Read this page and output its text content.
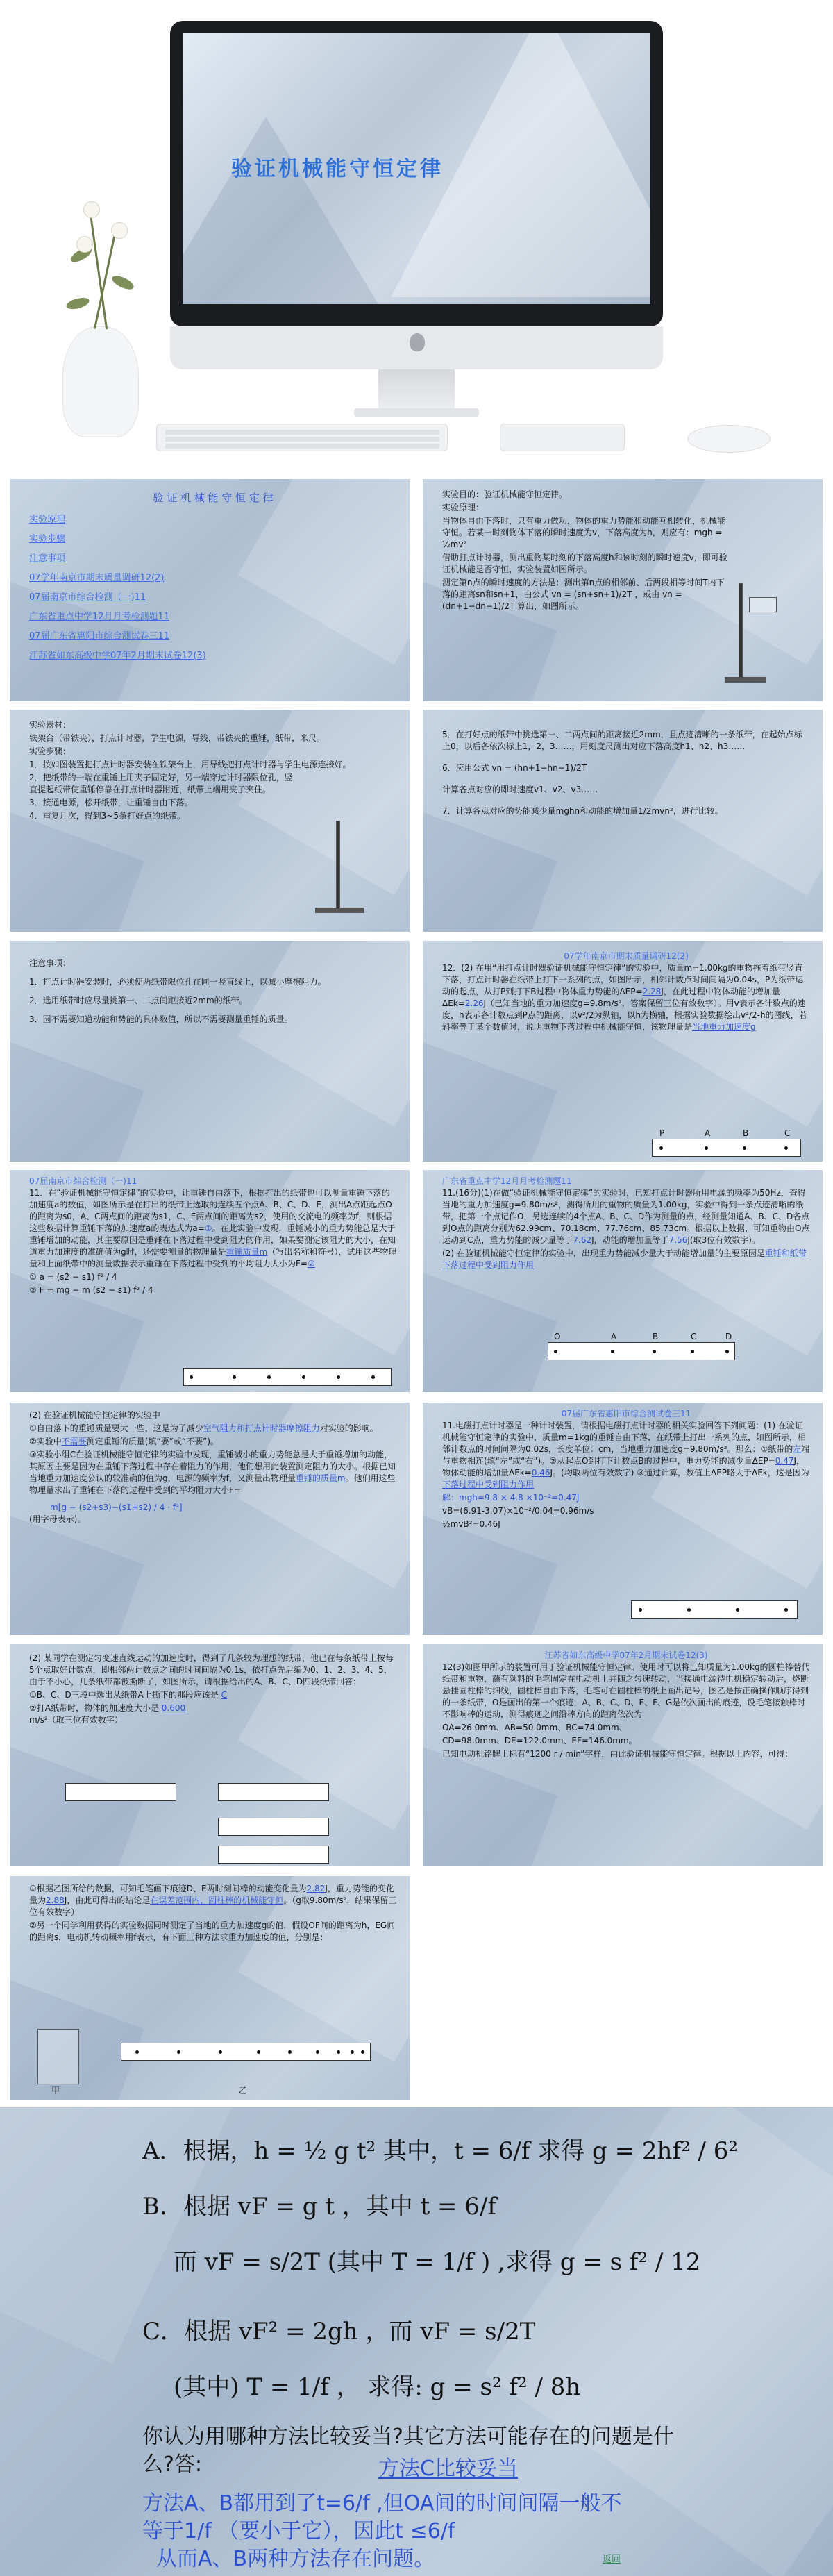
验证机械能守恒定律
验 证 机 械 能 守 恒 定 律
实验原理
实验步骤
注意事项
07学年南京市期末质量调研12(2)
07届南京市综合检测（一)11
广东省重点中学12月月考检测题11
07届广东省惠阳市综合测试卷三11
江苏省如东高级中学07年2月期末试卷12(3)

实验目的：验证机械能守恒定律。

实验原理：

当物体自由下落时，只有重力做功，物体的重力势能和动能互相转化，机械能守恒。若某一时刻物体下落的瞬时速度为v，下落高度为h，则应有：mgh = ½mv²

借助打点计时器，测出重物某时刻的下落高度h和该时刻的瞬时速度v，即可验证机械能是否守恒，实验装置如图所示。

测定第n点的瞬时速度的方法是：测出第n点的相邻前、后两段相等时间T内下落的距离sn和sn+1，由公式 vn = (sn+sn+1)/2T ，或由 vn = (dn+1−dn−1)/2T 算出，如图所示。

实验器材：

铁架台（带铁夹），打点计时器，学生电源，导线，带铁夹的重锤，纸带，米尺。

实验步骤：

1．按如图装置把打点计时器安装在铁架台上，用导线把打点计时器与学生电源连接好。

2．把纸带的一端在重锤上用夹子固定好，另一端穿过计时器限位孔，竖直提起纸带使重锤停靠在打点计时器附近，纸带上端用夹子夹住。

3．接通电源，松开纸带，让重锤自由下落。

4．重复几次，得到3~5条打好点的纸带。

5．在打好点的纸带中挑选第一、二两点间的距离接近2mm，且点迹清晰的一条纸带，在起始点标上0，以后各依次标上1，2，3……，用刻度尺测出对应下落高度h1、h2、h3……

6．应用公式 vn = (hn+1−hn−1)/2T

计算各点对应的即时速度v1、v2、v3……

7．计算各点对应的势能减少量mghn和动能的增加量1/2mvn²，进行比较。

注意事项：

1．打点计时器安装时，必须使两纸带限位孔在同一竖直线上，以减小摩擦阻力。

2．选用纸带时应尽量挑第一、二点间距接近2mm的纸带。

3．因不需要知道动能和势能的具体数值，所以不需要测量重锤的质量。

07学年南京市期末质量调研12(2)

12．(2) 在用“用打点计时器验证机械能守恒定律”的实验中，质量m=1.00kg的重物拖着纸带竖直下落，打点计时器在纸带上打下一系列的点，如图所示，相邻计数点时间间隔为0.04s，P为纸带运动的起点，从打P到打下B过程中物体重力势能的ΔEP=2.28J，在此过程中物体动能的增加量ΔEk=2.26J（已知当地的重力加速度g=9.8m/s²，答案保留三位有效数字）。用v表示各计数点的速度，h表示各计数点到P点的距离，以v²/2为纵轴，以h为横轴，根据实验数据绘出v²/2-h的图线，若斜率等于某个数值时，说明重物下落过程中机械能守恒，该物理量是当地重力加速度g

P	A	B	C
07届南京市综合检测（一)11

11．在“验证机械能守恒定律”的实验中，让重锤自由落下，根据打出的纸带也可以测量重锤下落的加速度a的数值，如图所示是在打出的纸带上选取的连续五个点A、B、C、D、E，测出A点距起点O的距离为s0，A、C两点间的距离为s1，C、E两点间的距离为s2，使用的交流电的频率为f，则根据这些数据计算重锤下落的加速度a的表达式为a=①。在此实验中发现，重锤减小的重力势能总是大于重锤增加的动能，其主要原因是重锤在下落过程中受到阻力的作用，如果要测定该阻力的大小，在知道重力加速度的准确值为g时，还需要测量的物理量是重锤质量m（写出名称和符号），试用这些物理量和上面纸带中的测量数据表示重锤在下落过程中受到的平均阻力大小为F=②

① a = (s2 − s1) f² / 4

② F = mg − m (s2 − s1) f² / 4

广东省重点中学12月月考检测题11

11.(16分)(1)在做“验证机械能守恒定律”的实验时，已知打点计时器所用电源的频率为50Hz，查得当地的重力加速度g=9.80m/s²，测得所用的重物的质量为1.00kg，实验中得到一条点迹清晰的纸带，把第一个点记作O，另选连续的4个点A、B、C、D作为测量的点，经测量知道A、B、C、D各点到O点的距离分别为62.99cm、70.18cm、77.76cm、85.73cm。根据以上数据，可知重物由O点运动到C点，重力势能的减少量等于7.62J，动能的增加量等于7.56J(取3位有效数字)。

(2) 在验证机械能守恒定律的实验中，出现重力势能减少量大于动能增加量的主要原因是重锤和纸带下落过程中受到阻力作用

O	A	B	C	D

(2) 在验证机械能守恒定律的实验中

①自由落下的重锤质量要大一些，这是为了减少空气阻力和打点计时器摩擦阻力对实验的影响。

②实验中不需要测定重锤的质量(填“要”或“不要”)。

③实验小组C在验证机械能守恒定律的实验中发现，重锤减小的重力势能总是大于重锤增加的动能，其原因主要是因为在重锤下落过程中存在着阻力的作用，他们想用此装置测定阻力的大小。根据已知当地重力加速度公认的较准确的值为g，电源的频率为f，又测量出物理量重锤的质量m。他们用这些物理量求出了重锤在下落的过程中受到的平均阻力大小F=

m[g − (s2+s3)−(s1+s2) / 4 · f²]

(用字母表示)。

07届广东省惠阳市综合测试卷三11

11.电磁打点计时器是一种计时装置，请根据电磁打点计时器的相关实验回答下列问题：(1) 在验证机械能守恒定律的实验中，质量m=1kg的重锤自由下落，在纸带上打出一系列的点，如图所示，相邻计数点的时间间隔为0.02s，长度单位：cm，当地重力加速度g=9.80m/s²。那么：①纸带的左端与重物相连(填“左”或“右”)。②从起点O到打下计数点B的过程中，重力势能的减少量ΔEP=0.47J，物体动能的增加量ΔEk=0.46J。(均取两位有效数字) ③通过计算，数值上ΔEP略大于ΔEk，这是因为下落过程中受到阻力作用

解：mgh=9.8 × 4.8 ×10⁻²=0.47J

vB=(6.91-3.07)×10⁻²/0.04=0.96m/s

½mvB²=0.46J

(2) 某同学在测定匀变速直线运动的加速度时，得到了几条较为理想的纸带，他已在每条纸带上按每5个点取好计数点，即相邻两计数点之间的时间间隔为0.1s，依打点先后编为0、1、2、3、4、5，由于不小心，几条纸带都被撕断了，如图所示，请根据给出的A、B、C、D四段纸带回答：

①B、C、D三段中选出从纸带A上撕下的那段应该是 C

②打A纸带时，物体的加速度大小是 0.600 m/s²（取三位有效数字）

江苏省如东高级中学07年2月期末试卷12(3)

12(3)如图甲所示的装置可用于验证机械能守恒定律。使用时可以将已知质量为1.00kg的圆柱棒替代纸带和重物，蘸有颜料的毛笔固定在电动机上并随之匀速转动，当接通电源待电机稳定转动后，烧断悬挂圆柱棒的细线，圆柱棒自由下落，毛笔可在圆柱棒的纸上画出记号，图乙是按正确操作顺序得到的一条纸带，O是画出的第一个痕迹，A、B、C、D、E、F、G是依次画出的痕迹，设毛笔接触棒时不影响棒的运动，测得痕迹之间沿棒方向的距离依次为

OA=26.0mm、AB=50.0mm、BC=74.0mm、

CD=98.0mm、DE=122.0mm、EF=146.0mm。

已知电动机铭牌上标有“1200 r / min”字样，由此验证机械能守恒定律。根据以上内容，可得：

①根据乙图所给的数据，可知毛笔画下痕迹D、E两时刻间棒的动能变化量为2.82J，重力势能的变化量为2.88J，由此可得出的结论是在误差范围内，圆柱棒的机械能守恒。（g取9.80m/s²，结果保留三位有效数字）

②另一个同学利用获得的实验数据同时测定了当地的重力加速度g的值，假设OF间的距离为h，EG间的距离s，电动机转动频率用f表示，有下面三种方法求重力加速度的值，分别是：

甲	乙
A．根据，h = ½ g t² 其中，t = 6/f 求得 g = 2hf² / 6²
B．根据 vF = g t ，其中 t = 6/f
而 vF = s/2T (其中 T = 1/f ) ,求得 g = s f² / 12
C．根据 vF² = 2gh ，而 vF = s/2T
(其中) T = 1/f ， 求得: g = s² f² / 8h
你认为用哪种方法比较妥当?其它方法可能存在的问题是什么?答:	方法C比较妥当
方法A、B都用到了t=6/f ,但OA间的时间间隔一般不
等于1/f （要小于它），因此t ≤6/f
从而A、B两种方法存在问题。	返回
